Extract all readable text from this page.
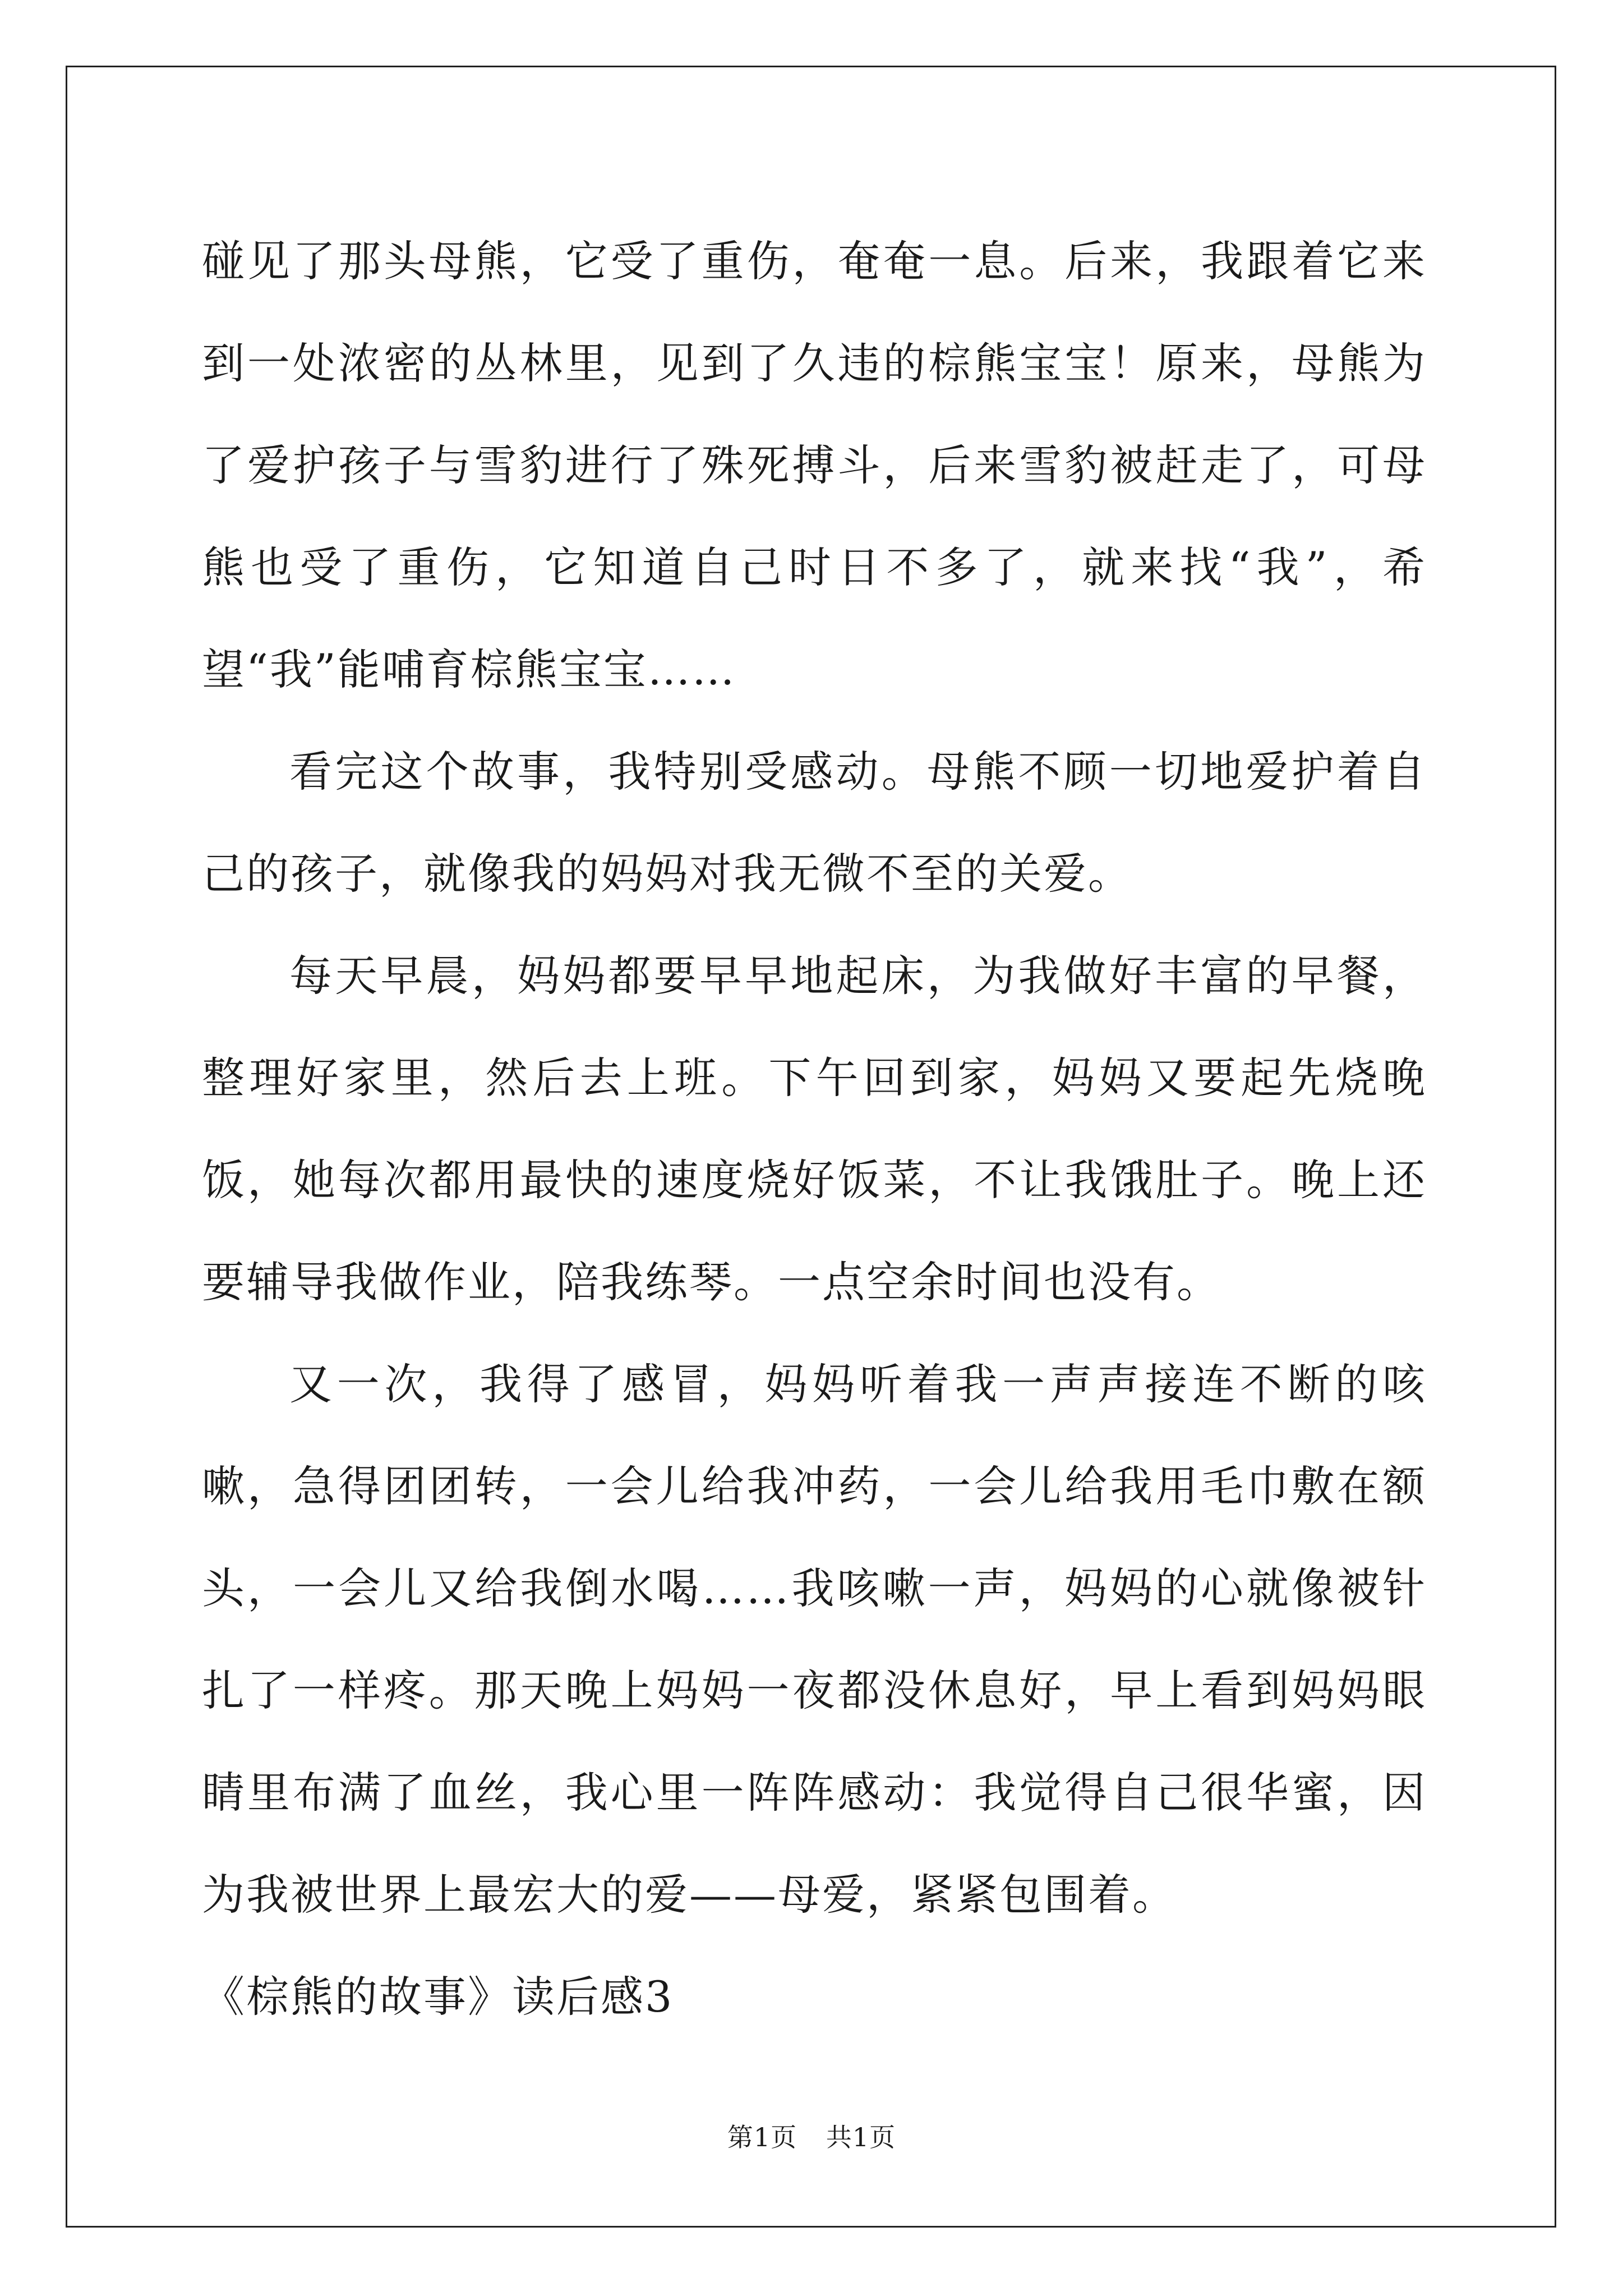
碰见了那头母熊，它受了重伤，奄奄一息。后来，我跟着它来到一处浓密的丛林里，见到了久违的棕熊宝宝！原来，母熊为了爱护孩子与雪豹进行了殊死搏斗，后来雪豹被赶走了，可母熊也受了重伤，它知道自己时日不多了，就来找“我”，希望“我”能哺育棕熊宝宝……

看完这个故事，我特别受感动。母熊不顾一切地爱护着自己的孩子，就像我的妈妈对我无微不至的关爱。

每天早晨，妈妈都要早早地起床，为我做好丰富的早餐，整理好家里，然后去上班。下午回到家，妈妈又要起先烧晚饭，她每次都用最快的速度烧好饭菜，不让我饿肚子。晚上还要辅导我做作业，陪我练琴。一点空余时间也没有。

又一次，我得了感冒，妈妈听着我一声声接连不断的咳嗽，急得团团转，一会儿给我冲药，一会儿给我用毛巾敷在额头，一会儿又给我倒水喝……我咳嗽一声，妈妈的心就像被针扎了一样疼。那天晚上妈妈一夜都没休息好，早上看到妈妈眼睛里布满了血丝，我心里一阵阵感动：我觉得自己很华蜜，因为我被世界上最宏大的爱——母爱，紧紧包围着。

《棕熊的故事》读后感3

第1页 共1页
